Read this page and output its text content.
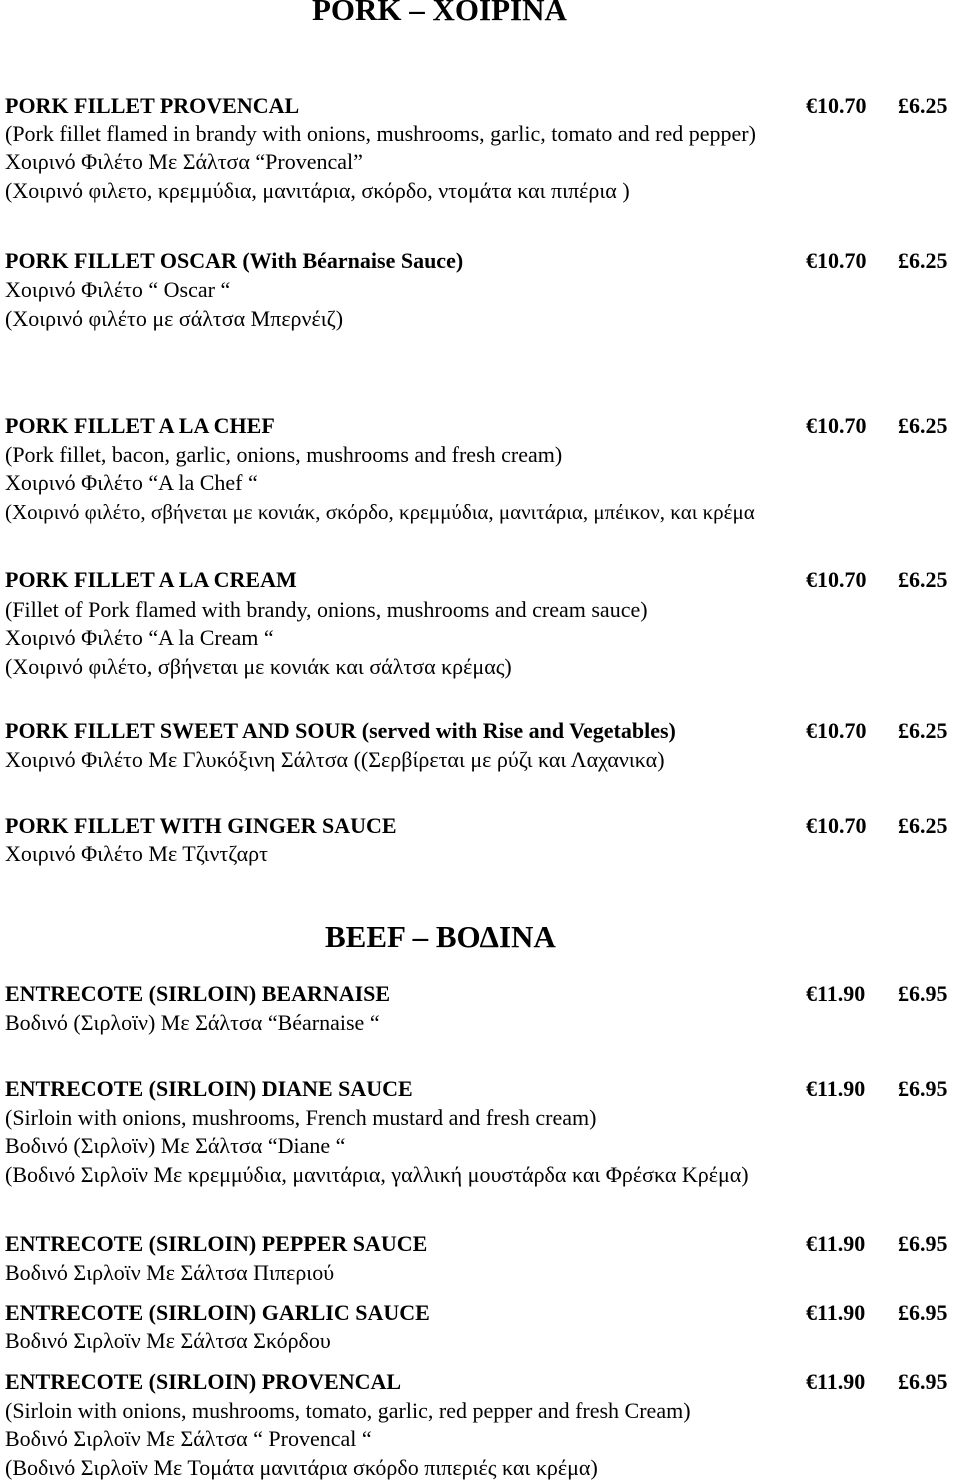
PORK – ΧΟΙΡΙΝΑ
PORK FILLET PROVENCAL	€10.70 £6.25
(Pork fillet flamed in brandy with onions, mushrooms, garlic, tomato and red pepper)
Χοιρινό Φιλέτο Με Σάλτσα “Provencal”
(Χοιρινό φιλετο, κρεμμύδια, μανιτάρια, σκόρδο, ντομάτα και πιπέρια )
PORK FILLET OSCAR (With Béarnaise Sauce)	€10.70 £6.25
Χοιρινό Φιλέτο “ Oscar “
(Χοιρινό φιλέτο με σάλτσα Μπερνέιζ)
PORK FILLET A LA CHEF	€10.70 £6.25
(Pork fillet, bacon, garlic, onions, mushrooms and fresh cream)
Χοιρινό Φιλέτο “A la Chef “
(Χοιρινό φιλέτο, σβήνεται με κονιάκ, σκόρδο, κρεμμύδια, μανιτάρια, μπέικον, και κρέμα
PORK FILLET A LA CREAM	€10.70 £6.25
(Fillet of Pork flamed with brandy, onions, mushrooms and cream sauce)
Χοιρινό Φιλέτο “A la Cream “
(Χοιρινό φιλέτο, σβήνεται με κονιάκ και σάλτσα κρέμας)
PORK FILLET SWEET AND SOUR (served with Rise and Vegetables)	€10.70 £6.25
Χοιρινό Φιλέτο Με Γλυκόξινη Σάλτσα ((Σερβίρεται με ρύζι και Λαχανικα)
PORK FILLET WITH GINGER SAUCE	€10.70 £6.25
Χοιρινό Φιλέτο Με Τζιντζαρτ
BEEF – ΒΟΔΙΝΑ
ENTRECOTE (SIRLOIN) BEARNAISE	€11.90 £6.95
Βοδινό (Σιρλοϊν) Με Σάλτσα “Béarnaise “
ENTRECOTE (SIRLOIN) DIANE SAUCE	€11.90 £6.95
(Sirloin with onions, mushrooms, French mustard and fresh cream)
Βοδινό (Σιρλοϊν) Με Σάλτσα “Diane “
(Βοδινό Σιρλοϊν Με κρεμμύδια, μανιτάρια, γαλλική μουστάρδα και Φρέσκα Κρέμα)
ENTRECOTE (SIRLOIN) PEPPER SAUCE	€11.90 £6.95
Βοδινό Σιρλοϊν Με Σάλτσα Πιπεριού
ENTRECOTE (SIRLOIN) GARLIC SAUCE	€11.90 £6.95
Βοδινό Σιρλοϊν Με Σάλτσα Σκόρδου
ENTRECOTE (SIRLOIN) PROVENCAL	€11.90 £6.95
(Sirloin with onions, mushrooms, tomato, garlic, red pepper and fresh Cream)
Βοδινό Σιρλοϊν Με Σάλτσα “ Provencal “
(Βοδινό Σιρλοϊν Με Τομάτα μανιτάρια σκόρδο πιπεριές και κρέμα)
